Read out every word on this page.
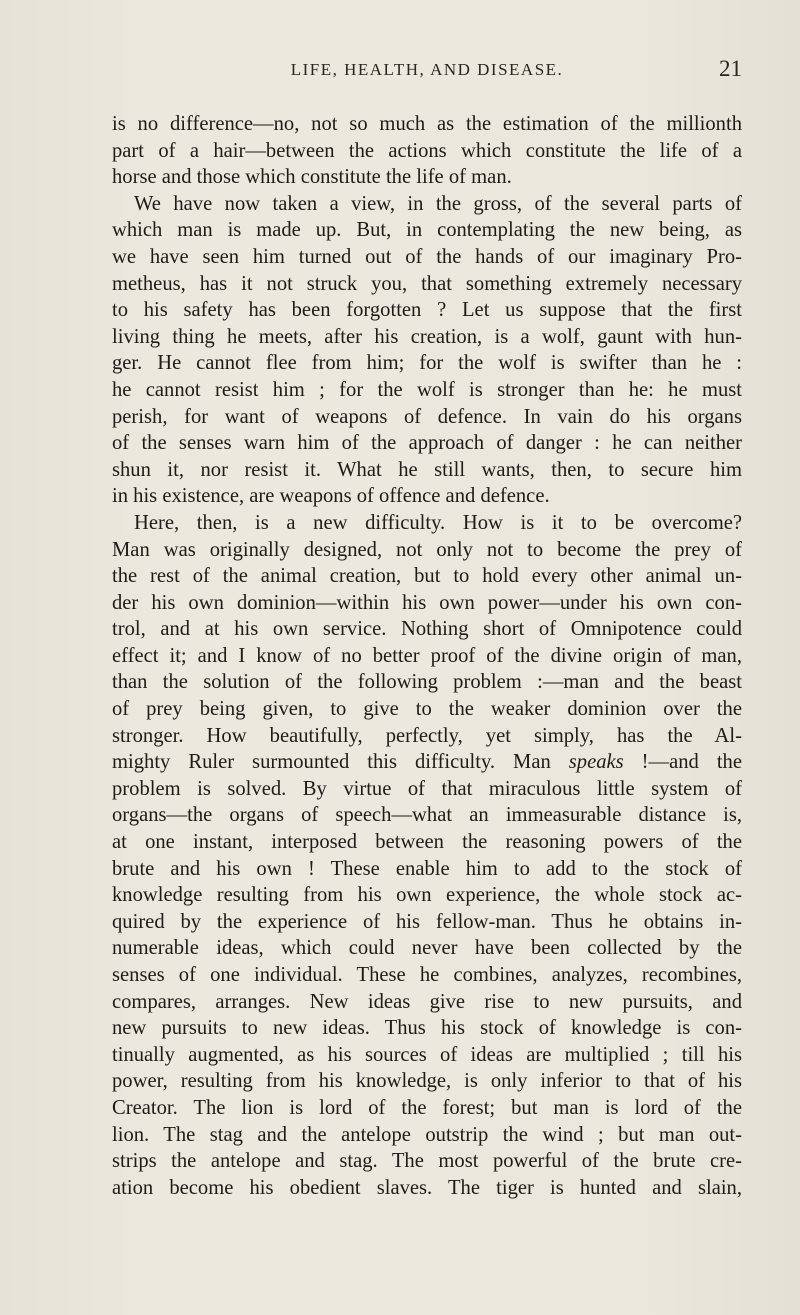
LIFE, HEALTH, AND DISEASE.	21
is no difference—no, not so much as the estimation of the millionth
part of a hair—between the actions which constitute the life of a
horse and those which constitute the life of man.
We have now taken a view, in the gross, of the several parts of
which man is made up. But, in contemplating the new being, as
we have seen him turned out of the hands of our imaginary Pro-
metheus, has it not struck you, that something extremely necessary
to his safety has been forgotten ? Let us suppose that the first
living thing he meets, after his creation, is a wolf, gaunt with hun-
ger. He cannot flee from him; for the wolf is swifter than he :
he cannot resist him ; for the wolf is stronger than he: he must
perish, for want of weapons of defence. In vain do his organs
of the senses warn him of the approach of danger : he can neither
shun it, nor resist it. What he still wants, then, to secure him
in his existence, are weapons of offence and defence.
Here, then, is a new difficulty. How is it to be overcome?
Man was originally designed, not only not to become the prey of
the rest of the animal creation, but to hold every other animal un-
der his own dominion—within his own power—under his own con-
trol, and at his own service. Nothing short of Omnipotence could
effect it; and I know of no better proof of the divine origin of man,
than the solution of the following problem :—man and the beast
of prey being given, to give to the weaker dominion over the
stronger. How beautifully, perfectly, yet simply, has the Al-
mighty Ruler surmounted this difficulty. Man speaks !—and the
problem is solved. By virtue of that miraculous little system of
organs—the organs of speech—what an immeasurable distance is,
at one instant, interposed between the reasoning powers of the
brute and his own ! These enable him to add to the stock of
knowledge resulting from his own experience, the whole stock ac-
quired by the experience of his fellow-man. Thus he obtains in-
numerable ideas, which could never have been collected by the
senses of one individual. These he combines, analyzes, recombines,
compares, arranges. New ideas give rise to new pursuits, and
new pursuits to new ideas. Thus his stock of knowledge is con-
tinually augmented, as his sources of ideas are multiplied ; till his
power, resulting from his knowledge, is only inferior to that of his
Creator. The lion is lord of the forest; but man is lord of the
lion. The stag and the antelope outstrip the wind ; but man out-
strips the antelope and stag. The most powerful of the brute cre-
ation become his obedient slaves. The tiger is hunted and slain,
